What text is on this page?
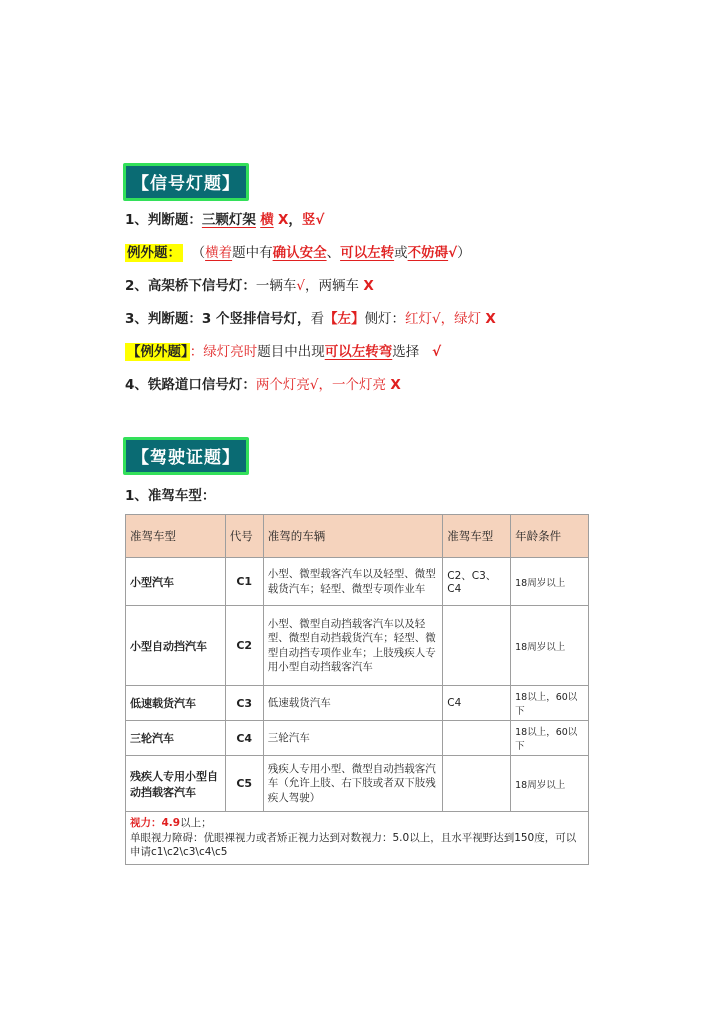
【信号灯题】
1、判断题：三颗灯架 横 X，竖√
例外题： （横着题中有确认安全、可以左转或不妨碍√）
2、高架桥下信号灯：一辆车√，两辆车 X
3、判断题：3 个竖排信号灯，看【左】侧灯：红灯√，绿灯 X
【例外题】 ：绿灯亮时题目中出现可以左转弯选择 √
4、铁路道口信号灯：两个灯亮√，一个灯亮 X
【驾驶证题】
1、准驾车型：
准驾车型	代号	准驾的车辆	准驾车型	年龄条件
小型汽车	C1	小型、微型载客汽车以及轻型、微型载货汽车；轻型、微型专项作业车	C2、C3、C4	18周岁以上
小型自动挡汽车	C2	小型、微型自动挡载客汽车以及轻型、微型自动挡载货汽车；轻型、微型自动挡专项作业车；上肢残疾人专用小型自动挡载客汽车		18周岁以上
低速载货汽车	C3	低速载货汽车	C4	18以上，60以下
三轮汽车	C4	三轮汽车		18以上，60以下
残疾人专用小型自动挡载客汽车	C5	残疾人专用小型、微型自动挡载客汽车（允许上肢、右下肢或者双下肢残疾人驾驶）		18周岁以上
视力：4.9以上；
单眼视力障碍：优眼裸视力或者矫正视力达到对数视力：5.0以上，且水平视野达到150度，可以申请c1\c2\c3\c4\c5				
